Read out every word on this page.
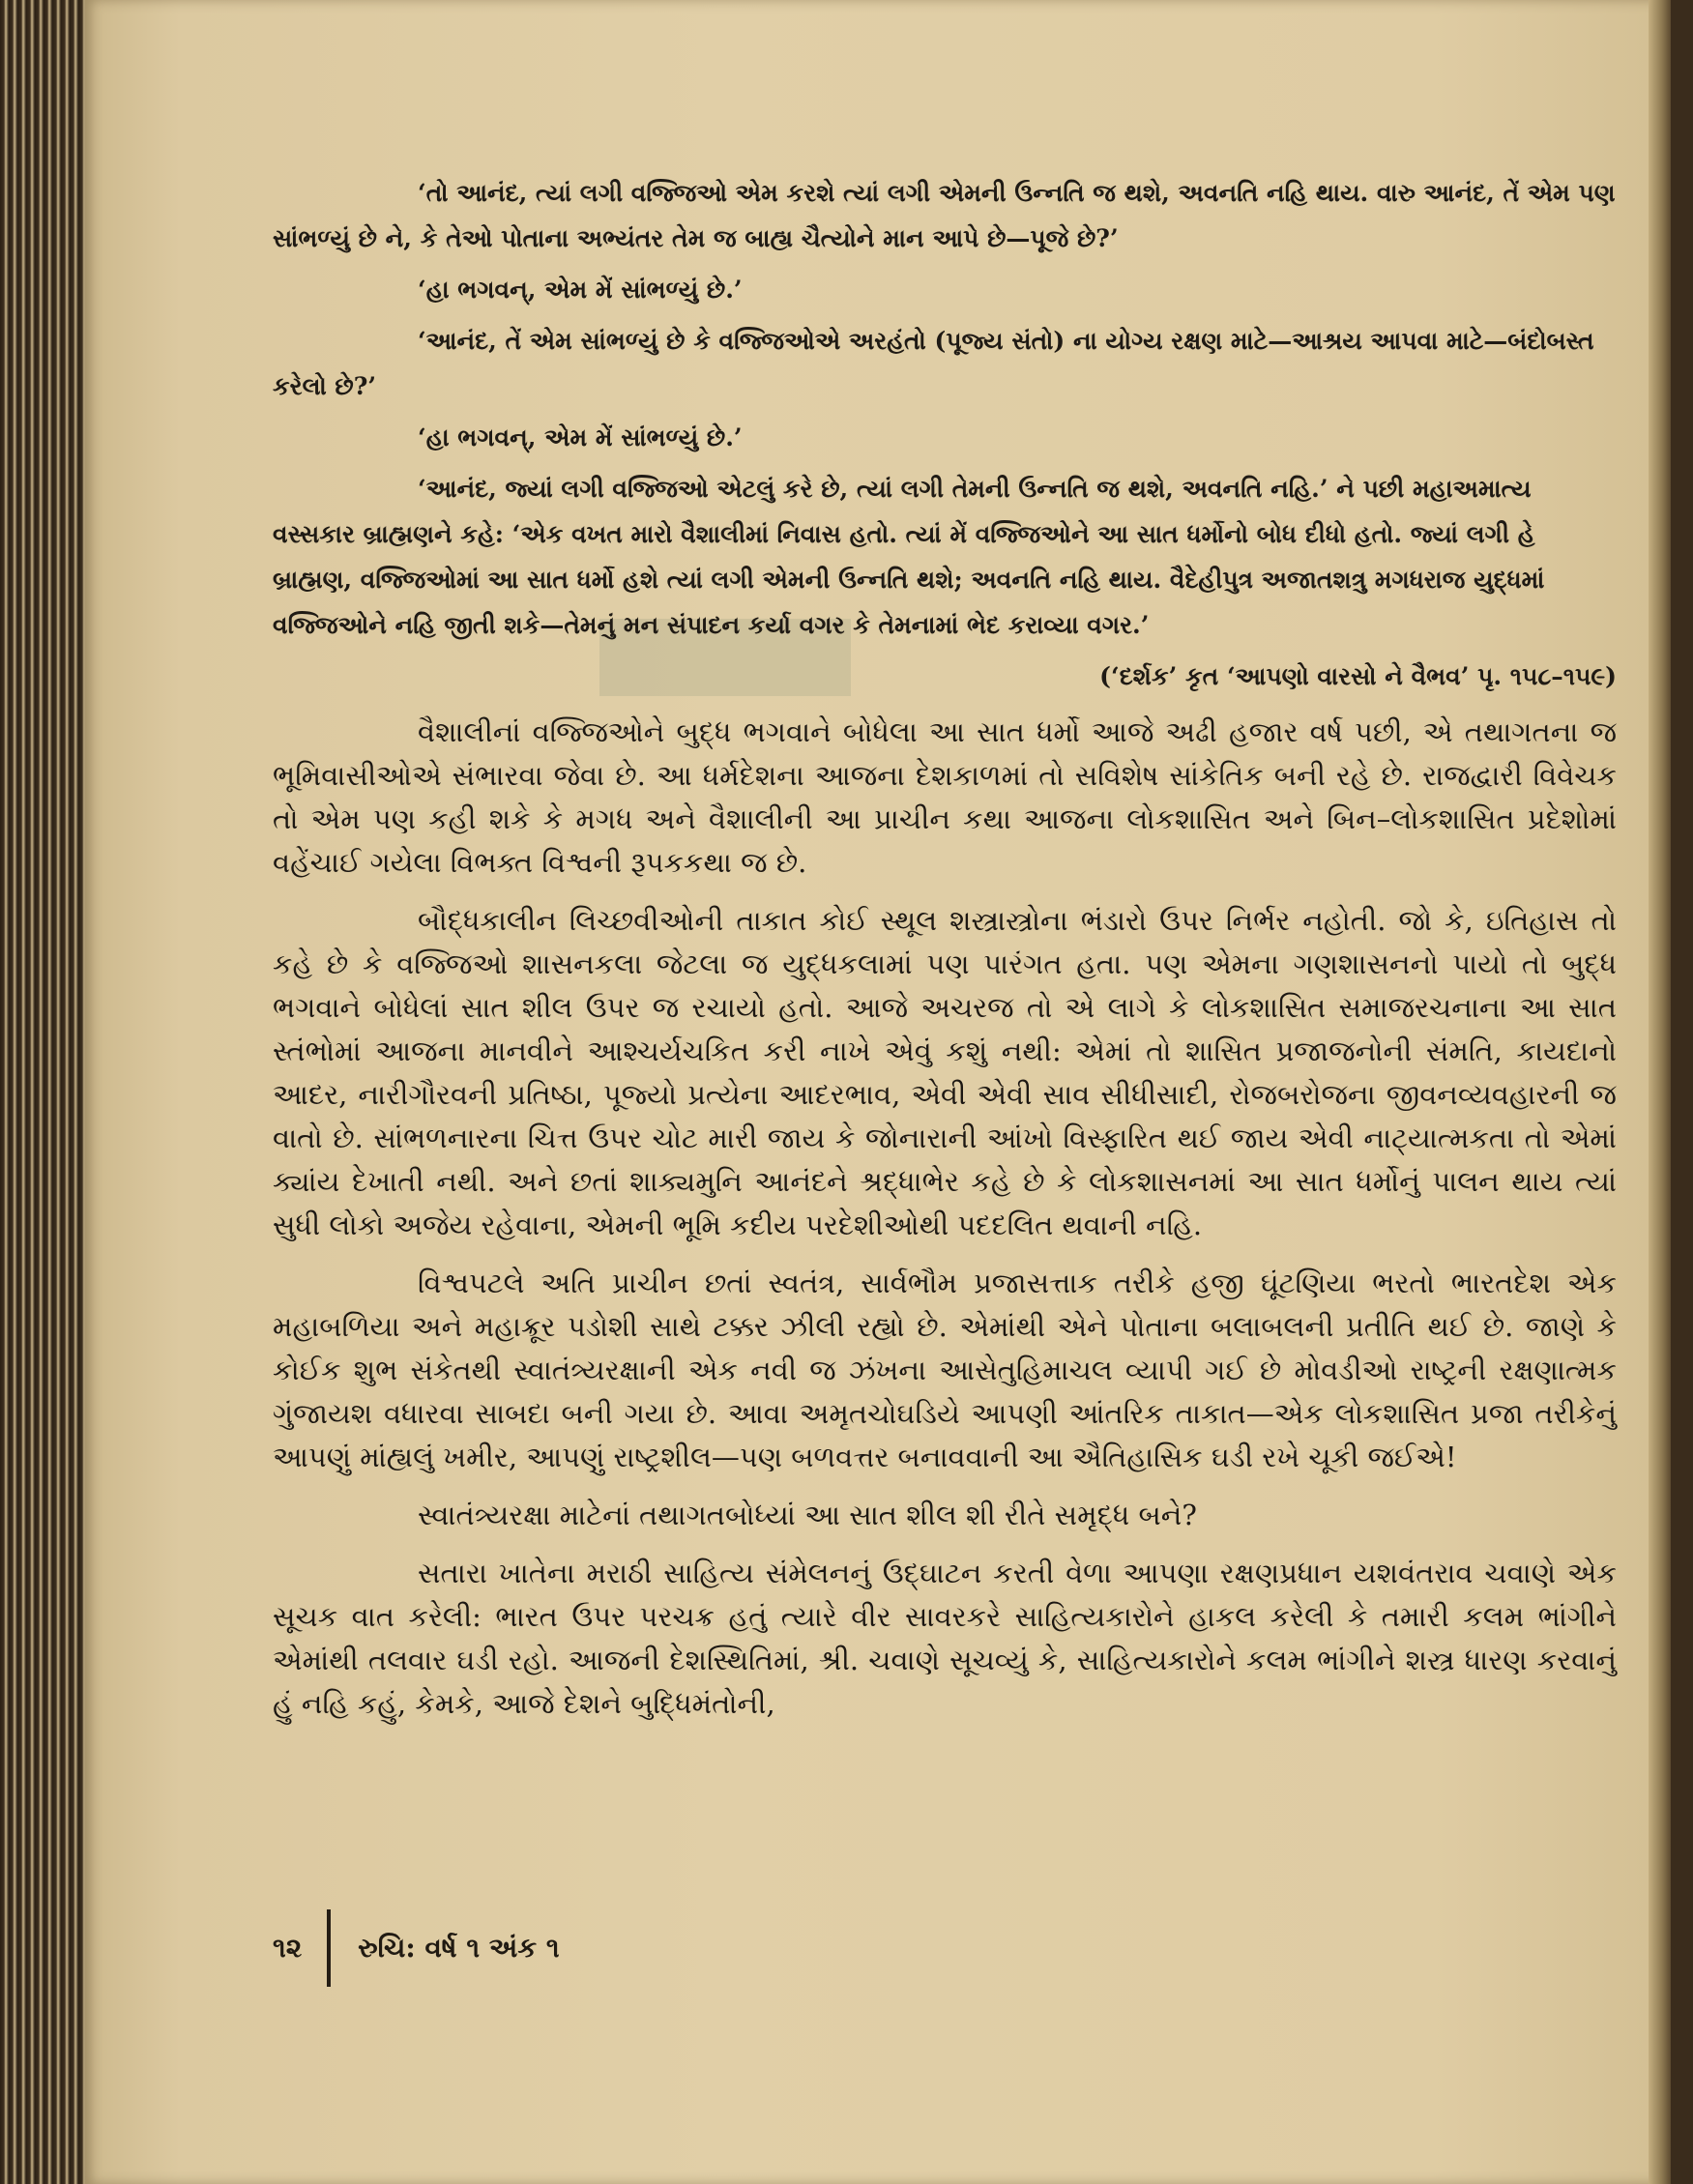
‘તો આનંદ, ત્યાં લગી વજ્જિઓ એમ કરશે ત્યાં લગી એમની ઉન્નતિ જ થશે, અવનતિ નહિ થાય. વારુ આનંદ, તેં એમ પણ સાંભળ્યું છે ને, કે તેઓ પોતાના અભ્યંતર તેમ જ બાહ્ય ચૈત્યોને માન આપે છે—પૂજે છે?’

‘હા ભગવન્, એમ મેં સાંભળ્યું છે.’

‘આનંદ, તેં એમ સાંભળ્યું છે કે વજ્જિઓએ અરહંતો (પૂજ્ય સંતો) ના યોગ્ય રક્ષણ માટે—આશ્રય આપવા માટે—બંદોબસ્ત કરેલો છે?’

‘હા ભગવન્, એમ મેં સાંભળ્યું છે.’

‘આનંદ, જ્યાં લગી વજ્જિઓ એટલું કરે છે, ત્યાં લગી તેમની ઉન્નતિ જ થશે, અવનતિ નહિ.’ ને પછી મહાઅમાત્ય વસ્સકાર બ્રાહ્મણને કહે: ‘એક વખત મારો વૈશાલીમાં નિવાસ હતો. ત્યાં મેં વજ્જિઓને આ સાત ધર્મોનો બોધ દીધો હતો. જ્યાં લગી હે બ્રાહ્મણ, વજ્જિઓમાં આ સાત ધર્મો હશે ત્યાં લગી એમની ઉન્નતિ થશે; અવનતિ નહિ થાય. વૈદેહીપુત્ર અજાતશત્રુ મગધરાજ યુદ્ધમાં વજ્જિઓને નહિ જીતી શકે—તેમનું મન સંપાદન કર્યા વગર કે તેમનામાં ભેદ કરાવ્યા વગર.’

(‘દર્શક’ કૃત ‘આપણો વારસો ને વૈભવ’ પૃ. ૧૫૮–૧૫૯)

વૈશાલીનાં વજ્જિઓને બુદ્ધ ભગવાને બોધેલા આ સાત ધર્મો આજે અઢી હજાર વર્ષ પછી, એ તથાગતના જ ભૂમિવાસીઓએ સંભારવા જેવા છે. આ ધર્મદેશના આજના દેશકાળમાં તો સવિશેષ સાંકેતિક બની રહે છે. રાજદ્વારી વિવેચક તો એમ પણ કહી શકે કે મગધ અને વૈશાલીની આ પ્રાચીન કથા આજના લોકશાસિત અને બિન–લોકશાસિત પ્રદેશોમાં વહેંચાઈ ગયેલા વિભક્ત વિશ્વની રૂપકકથા જ છે.

બૌદ્ધકાલીન લિચ્છવીઓની તાકાત કોઈ સ્થૂલ શસ્ત્રાસ્ત્રોના ભંડારો ઉપર નિર્ભર નહોતી. જો કે, ઇતિહાસ તો કહે છે કે વજ્જિઓ શાસનકલા જેટલા જ યુદ્ધકલામાં પણ પારંગત હતા. પણ એમના ગણશાસનનો પાયો તો બુદ્ધ ભગવાને બોધેલાં સાત શીલ ઉપર જ રચાયો હતો. આજે અચરજ તો એ લાગે કે લોકશાસિત સમાજરચનાના આ સાત સ્તંભોમાં આજના માનવીને આશ્ચર્યચકિત કરી નાખે એવું કશું નથી: એમાં તો શાસિત પ્રજાજનોની સંમતિ, કાયદાનો આદર, નારીગૌરવની પ્રતિષ્ઠા, પૂજ્યો પ્રત્યેના આદરભાવ, એવી એવી સાવ સીધીસાદી, રોજબરોજના જીવનવ્યવહારની જ વાતો છે. સાંભળનારના ચિત્ત ઉપર ચોટ મારી જાય કે જોનારાની આંખો વિસ્ફારિત થઈ જાય એવી નાટ્યાત્મકતા તો એમાં ક્યાંય દેખાતી નથી. અને છતાં શાક્યમુનિ આનંદને શ્રદ્ધાભેર કહે છે કે લોકશાસનમાં આ સાત ધર્મોનું પાલન થાય ત્યાં સુધી લોકો અજેય રહેવાના, એમની ભૂમિ કદીય પરદેશીઓથી પદદલિત થવાની નહિ.

વિશ્વપટલે અતિ પ્રાચીન છતાં સ્વતંત્ર, સાર્વભૌમ પ્રજાસત્તાક તરીકે હજી ઘૂંટણિયા ભરતો ભારતદેશ એક મહાબળિયા અને મહાક્રૂર પડોશી સાથે ટક્કર ઝીલી રહ્યો છે. એમાંથી એને પોતાના બલાબલની પ્રતીતિ થઈ છે. જાણે કે કોઈક શુભ સંકેતથી સ્વાતંત્ર્યરક્ષાની એક નવી જ ઝંખના આસેતુહિમાચલ વ્યાપી ગઈ છે મોવડીઓ રાષ્ટ્રની રક્ષણાત્મક ગુંજાયશ વધારવા સાબદા બની ગયા છે. આવા અમૃતચોઘડિયે આપણી આંતરિક તાકાત—એક લોકશાસિત પ્રજા તરીકેનું આપણું માંહ્યલું ખમીર, આપણું રાષ્ટ્રશીલ—પણ બળવત્તર બનાવવાની આ ઐતિહાસિક ઘડી રખે ચૂકી જઈએ!

સ્વાતંત્ર્યરક્ષા માટેનાં તથાગતબોધ્યાં આ સાત શીલ શી રીતે સમૃદ્ધ બને?

સતારા ખાતેના મરાઠી સાહિત્ય સંમેલનનું ઉદ્ઘાટન કરતી વેળા આપણા રક્ષણપ્રધાન યશવંતરાવ ચવાણે એક સૂચક વાત કરેલી: ભારત ઉપર પરચક્ર હતું ત્યારે વીર સાવરકરે સાહિત્યકારોને હાકલ કરેલી કે તમારી કલમ ભાંગીને એમાંથી તલવાર ઘડી રહો. આજની દેશસ્થિતિમાં, શ્રી. ચવાણે સૂચવ્યું કે, સાહિત્યકારોને કલમ ભાંગીને શસ્ત્ર ધારણ કરવાનું હું નહિ કહું, કેમકે, આજે દેશને બુદ્ધિમંતોની,

૧૨ રુચિ: વર્ષ ૧ અંક ૧
